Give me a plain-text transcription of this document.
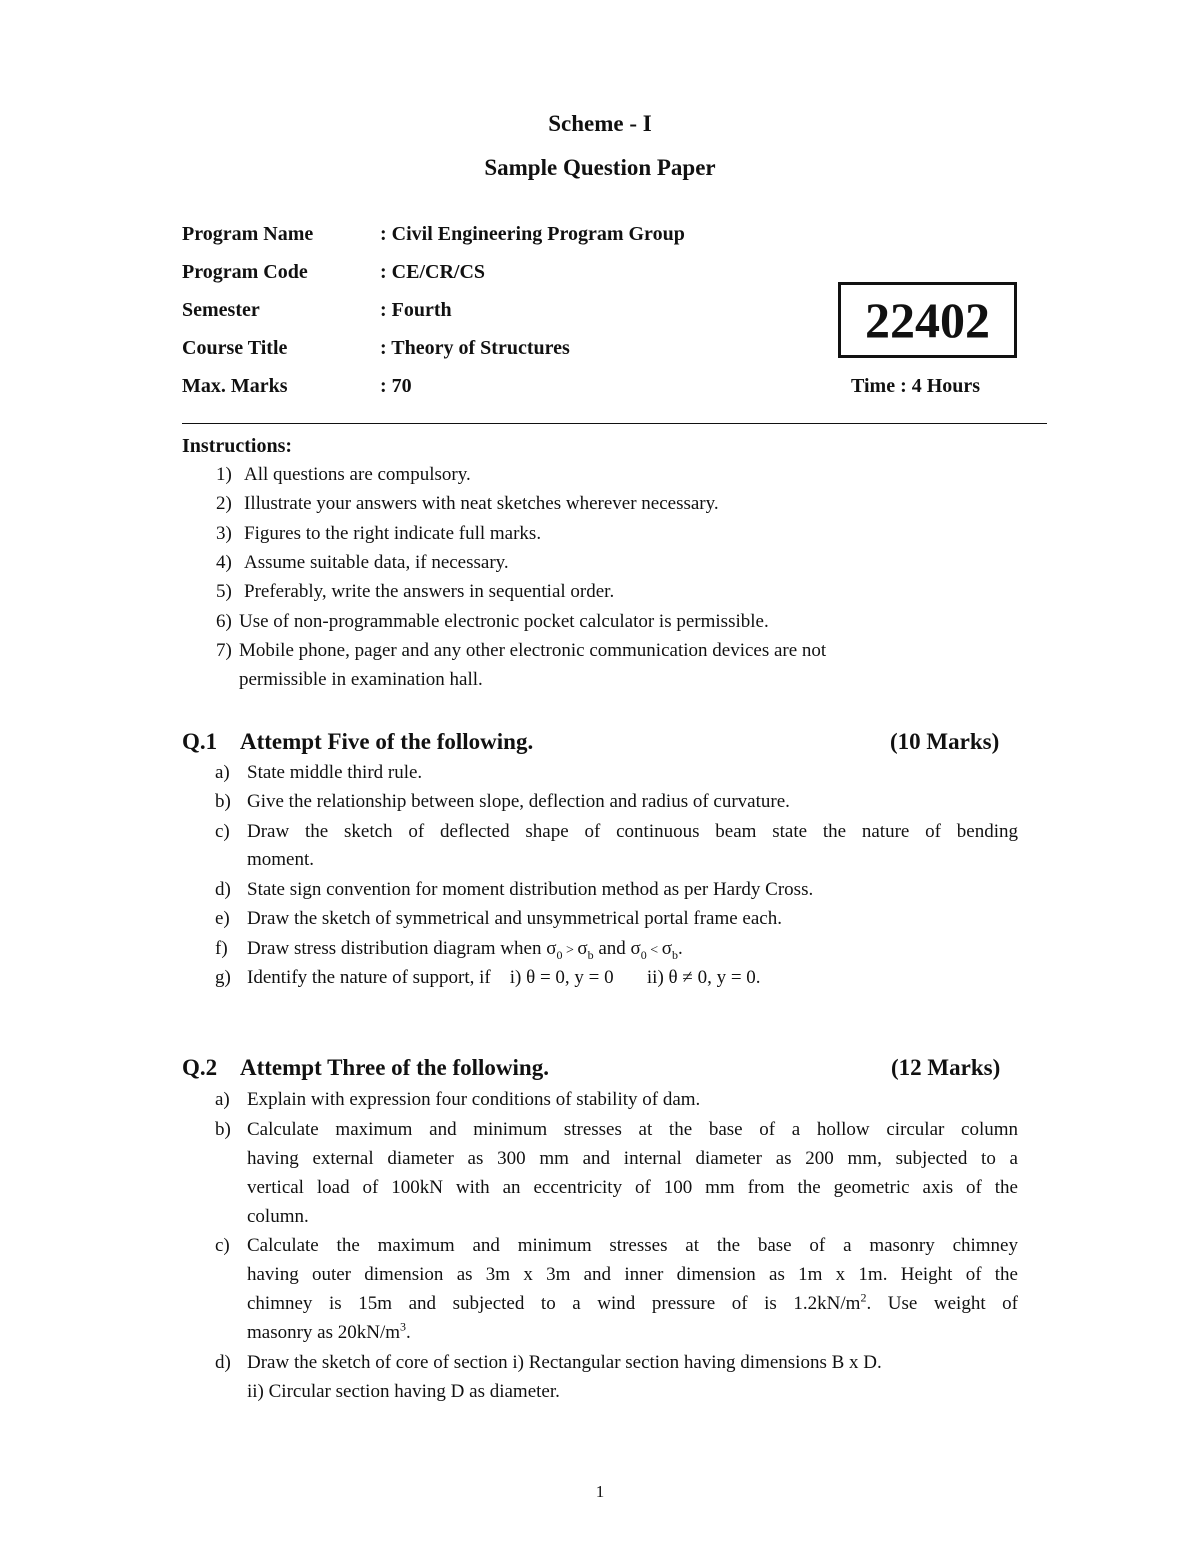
Scheme - I
Sample Question Paper
Program Name	: Civil Engineering Program Group
Program Code	: CE/CR/CS
Semester	: Fourth
Course Title	: Theory of Structures
Max. Marks	: 70
22402
Time : 4 Hours
Instructions:
1) All questions are compulsory.
2) Illustrate your answers with neat sketches wherever necessary.
3) Figures to the right indicate full marks.
4) Assume suitable data, if necessary.
5) Preferably, write the answers in sequential order.
6) Use of non-programmable electronic pocket calculator is permissible.
7) Mobile phone, pager and any other electronic communication devices are not
permissible in examination hall.
Q.1 Attempt Five of the following.	(10 Marks)
a) State middle third rule.
b) Give the relationship between slope, deflection and radius of curvature.
c) Draw the sketch of deflected shape of continuous beam state the nature of bending
moment.
d) State sign convention for moment distribution method as per Hardy Cross.
e) Draw the sketch of symmetrical and unsymmetrical portal frame each.
f) Draw stress distribution diagram when $\sigma_0 > \sigma_b$ and $\sigma_0 < \sigma_b$.
g) Identify the nature of support, if    i) θ = 0, y = 0       ii) θ ≠ 0, y = 0.
Q.2 Attempt Three of the following.	(12 Marks)
a) Explain with expression four conditions of stability of dam.
b) Calculate maximum and minimum stresses at the base of a hollow circular column
having external diameter as 300 mm and internal diameter as 200 mm, subjected to a
vertical load of 100kN with an eccentricity of 100 mm from the geometric axis of the
column.
c) Calculate the maximum and minimum stresses at the base of a masonry chimney
having outer dimension as 3m x 3m and inner dimension as 1m x 1m. Height of the
chimney is 15m and subjected to a wind pressure of is $1.2kN/m^2$. Use weight of
masonry as $20kN/m^3$.
d) Draw the sketch of core of section i) Rectangular section having dimensions B x D.
ii) Circular section having D as diameter.
1
